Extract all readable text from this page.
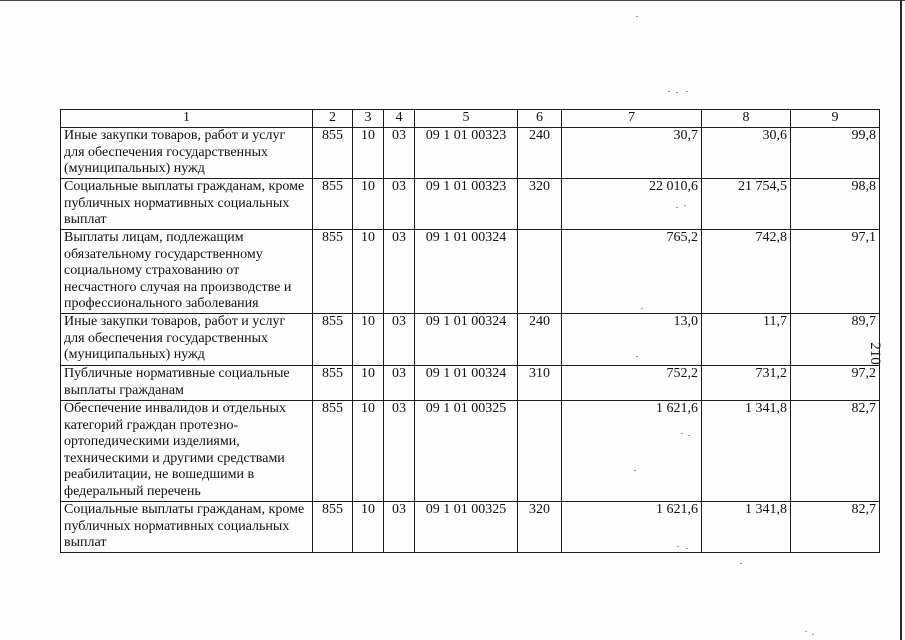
1	2	3	4	5	6	7	8	9
Иные закупки товаров, работ и услуг для обеспечения государственных (муниципальных) нужд	855	10	03	09 1 01 00323	240	30,7	30,6	99,8
Социальные выплаты гражданам, кроме публичных нормативных социальных выплат	855	10	03	09 1 01 00323	320	22 010,6	21 754,5	98,8
Выплаты лицам, подлежащим обязательному государственному социальному страхованию от несчастного случая на производстве и профессионального заболевания	855	10	03	09 1 01 00324		765,2	742,8	97,1
Иные закупки товаров, работ и услуг для обеспечения государственных (муниципальных) нужд	855	10	03	09 1 01 00324	240	13,0	11,7	89,7
Публичные нормативные социальные выплаты гражданам	855	10	03	09 1 01 00324	310	752,2	731,2	97,2
Обеспечение инвалидов и отдельных категорий граждан протезно-ортопедическими изделиями, техническими и другими средствами реабилитации, не вошедшими в федеральный перечень	855	10	03	09 1 01 00325		1 621,6	1 341,8	82,7
Социальные выплаты гражданам, кроме публичных нормативных социальных выплат	855	10	03	09 1 01 00325	320	1 621,6	1 341,8	82,7
210
